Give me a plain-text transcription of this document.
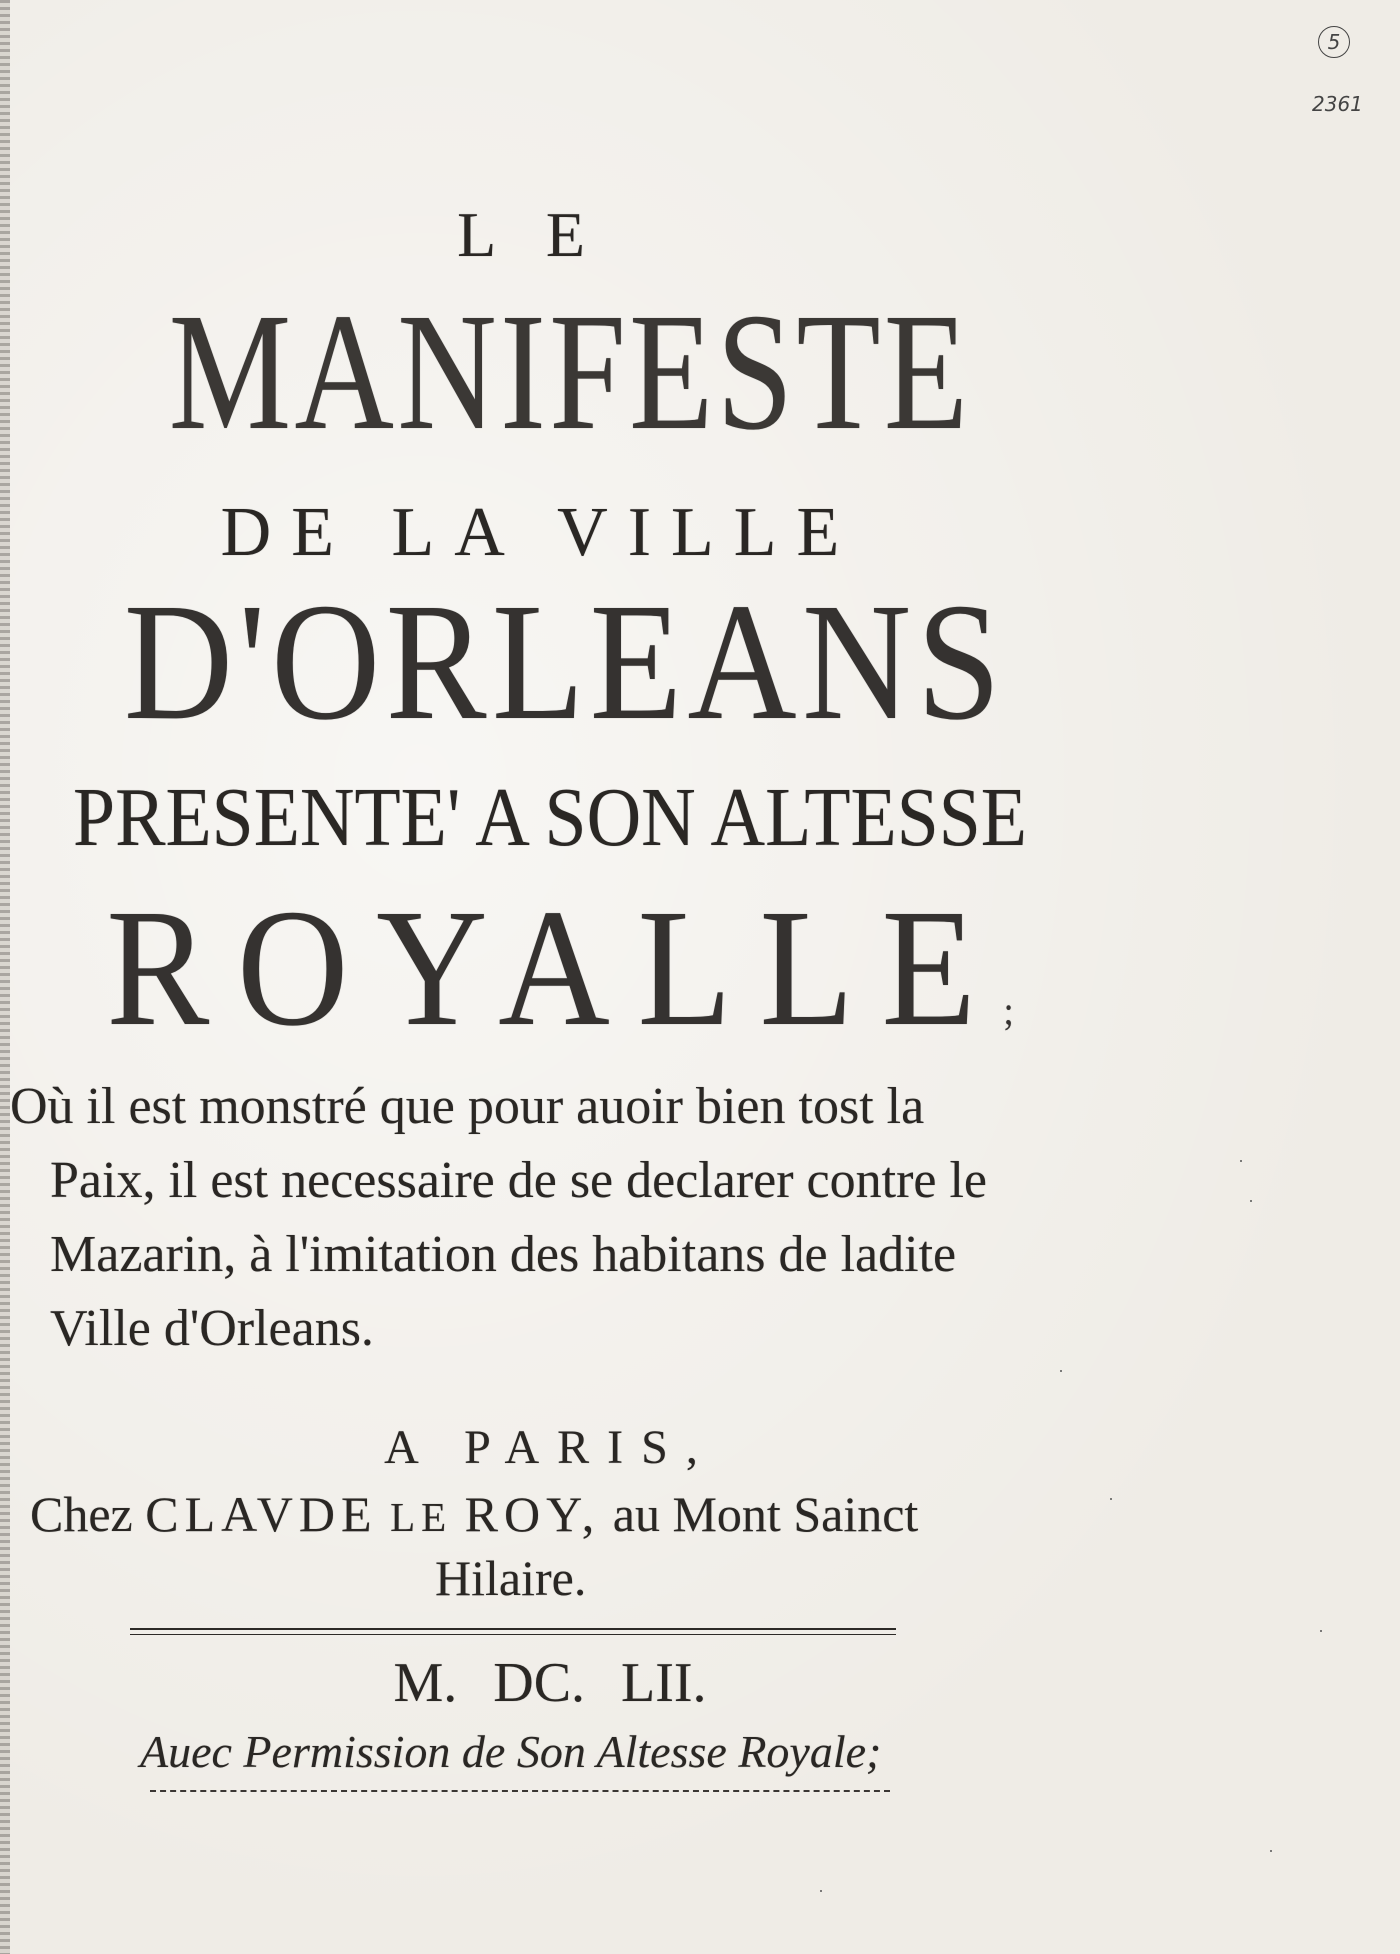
5
2361
L E
MANIFESTE
DE LA VILLE
D'ORLEANS
PRESENTE' A SON ALTESSE
ROYALLE;
Où il est monstré que pour auoir bien tost la
Paix, il est necessaire de se declarer contre le
Mazarin, à l'imitation des habitans de ladite
Ville d'Orleans.
A PARIS,
Chez CLAVDE LE ROY, au Mont Sainct
Hilaire.
M. DC. LII.
Auec Permission de Son Altesse Royale;
